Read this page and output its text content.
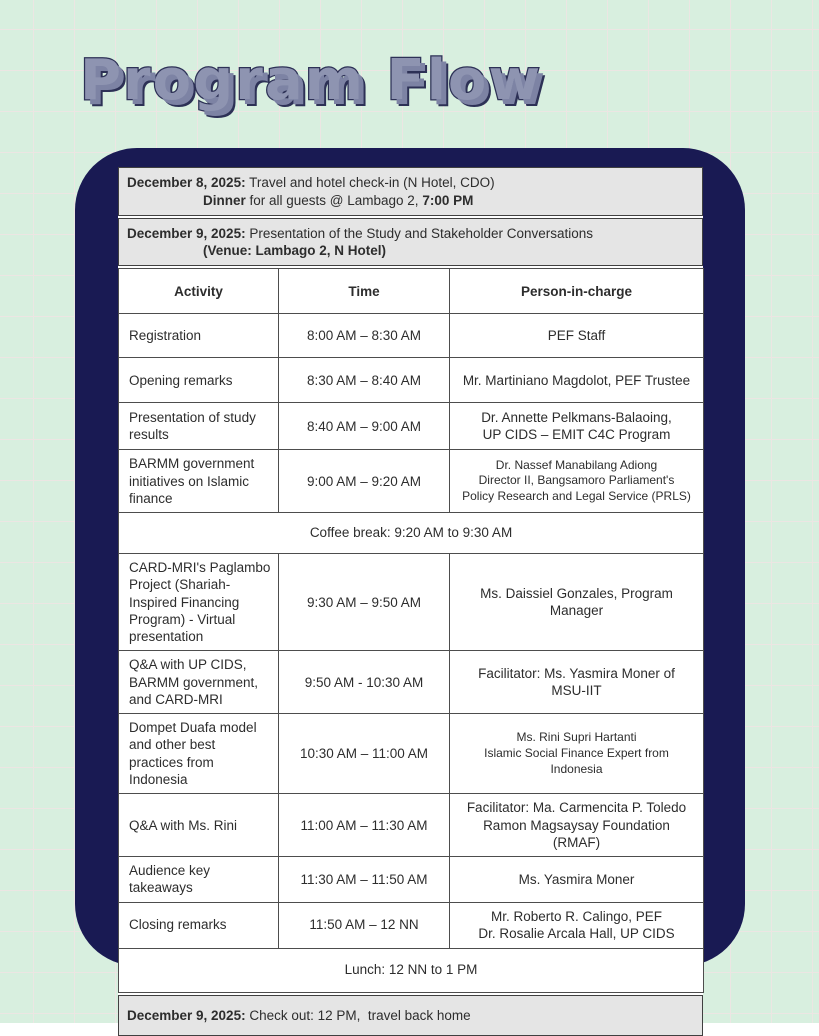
Program Flow
December 8, 2025: Travel and hotel check-in (N Hotel, CDO)
Dinner for all guests @ Lambago 2, 7:00 PM
December 9, 2025: Presentation of the Study and Stakeholder Conversations
(Venue: Lambago 2, N Hotel)
Activity	Time	Person-in-charge
Registration	8:00 AM – 8:30 AM	PEF Staff

Opening remarks	8:30 AM – 8:40 AM	Mr. Martiniano Magdolot, PEF Trustee

Presentation of study results	8:40 AM – 9:00 AM	Dr. Annette Pelkmans-Balaoing,
UP CIDS – EMIT C4C Program

BARMM government initiatives on Islamic finance	9:00 AM – 9:20 AM	Dr. Nassef Manabilang Adiong
Director II, Bangsamoro Parliament's
Policy Research and Legal Service (PRLS)

Coffee break: 9:20 AM to 9:30 AM		
CARD-MRI's Paglambo Project (Shariah-Inspired Financing Program) - Virtual presentation	9:30 AM – 9:50 AM	Ms. Daissiel Gonzales, Program
Manager

Q&A with UP CIDS, BARMM government, and CARD-MRI	9:50 AM - 10:30 AM	Facilitator: Ms. Yasmira Moner of
MSU-IIT

Dompet Duafa model and other best practices from Indonesia	10:30 AM – 11:00 AM	Ms. Rini Supri Hartanti
Islamic Social Finance Expert from
Indonesia

Q&A with Ms. Rini	11:00 AM – 11:30 AM	Facilitator: Ma. Carmencita P. Toledo
Ramon Magsaysay Foundation (RMAF)

Audience key takeaways	11:30 AM – 11:50 AM	Ms. Yasmira Moner

Closing remarks	11:50 AM – 12 NN	Mr. Roberto R. Calingo, PEF
Dr. Rosalie Arcala Hall, UP CIDS

Lunch: 12 NN to 1 PM		
December 9, 2025: Check out: 12 PM,  travel back home
